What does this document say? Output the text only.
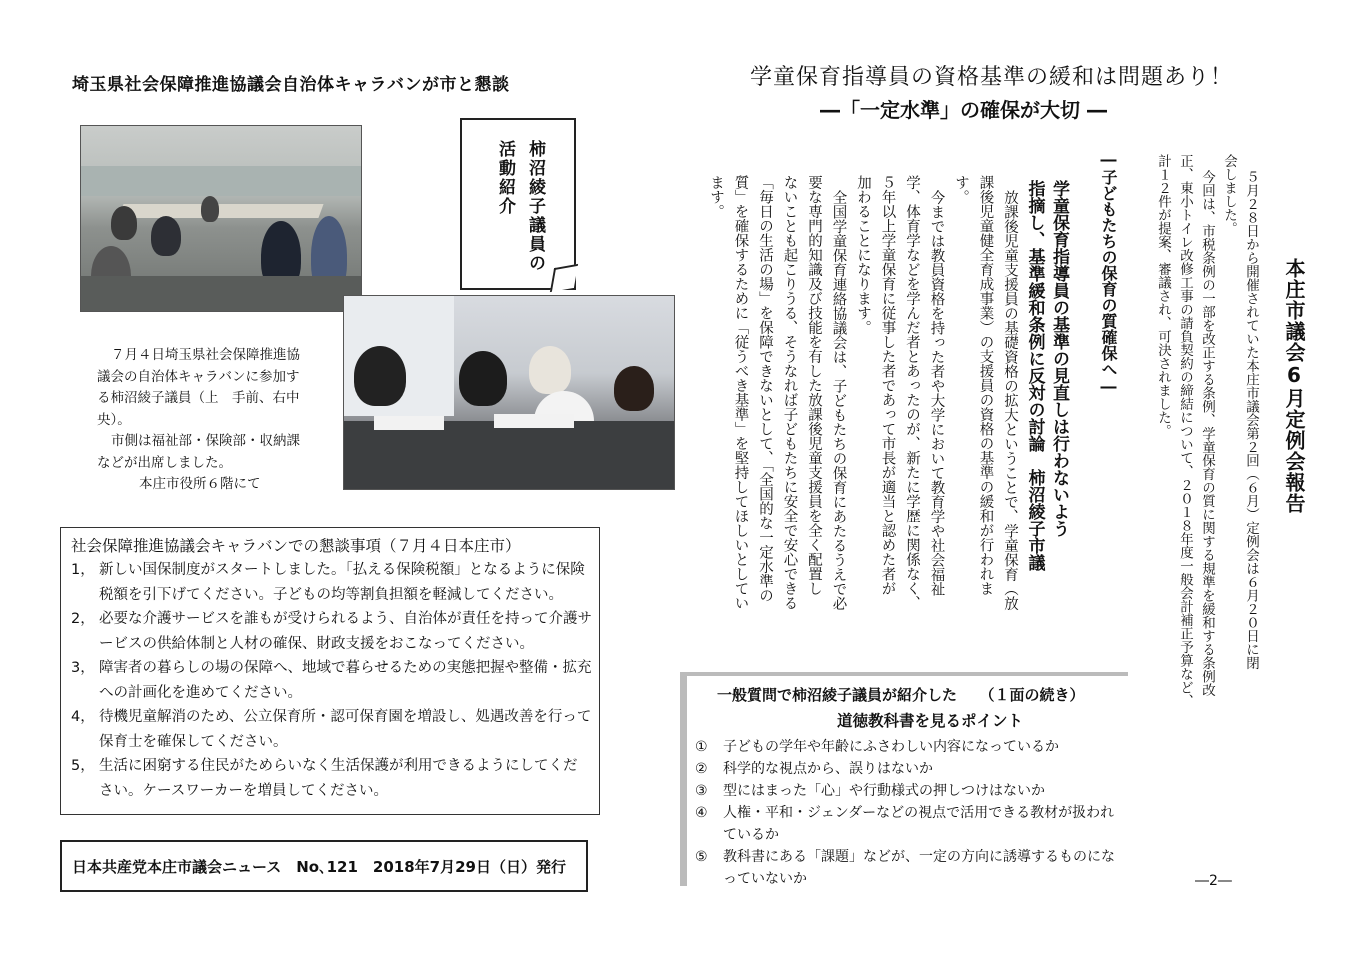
埼玉県社会保障推進協議会自治体キャラバンが市と懇談
柿沼綾子議員の
活動紹介
７月４日埼玉県社会保障推進協
議会の自治体キャラバンに参加す
る柿沼綾子議員（上　手前、右中
央）。
市側は福祉部・保険部・収納課
などが出席しました。
本庄市役所６階にて
社会保障推進協議会キャラバンでの懇談事項（７月４日本庄市）
1， 新しい国保制度がスタートしました。「払える保険税額」となるように保険
税額を引下げてください。子どもの均等割負担額を軽減してください。
2， 必要な介護サービスを誰もが受けられるよう、自治体が責任を持って介護サ
ービスの供給体制と人材の確保、財政支援をおこなってください。
3， 障害者の暮らしの場の保障へ、地域で暮らせるための実態把握や整備・拡充
への計画化を進めてください。
4， 待機児童解消のため、公立保育所・認可保育園を増設し、処遇改善を行って
保育士を確保してください。
5， 生活に困窮する住民がためらいなく生活保護が利用できるようにしてくだ
さい。ケースワーカーを増員してください。
日本共産党本庄市議会ニュース　No､121　2018年7月29日（日）発行
学童保育指導員の資格基準の緩和は問題あり！
―「一定水準」の確保が大切 ―
―子どもたちの保育の質確保へ―
学童保育指導員の基準の見直しは行わないよう
指摘し、基準緩和条例に反対の討論　柿沼綾子市議
放課後児童支援員の基礎資格の拡大ということで、学童保育（放
課後児童健全育成事業）の支援員の資格の基準の緩和が行われま
す。
今までは教員資格を持った者や大学において教育学や社会福祉
学、体育学などを学んだ者とあったのが、新たに学歴に関係なく、
５年以上学童保育に従事した者であって市長が適当と認めた者が
加わることになります。
全国学童保育連絡協議会は、子どもたちの保育にあたるうえで必
要な専門的知識及び技能を有した放課後児童支援員を全く配置し
ないことも起こりうる、そうなれば子どもたちに安全で安心できる
「毎日の生活の場」を保障できないとして、「全国的な一定水準の
質」を確保するために「従うべき基準」を堅持してほしいとしてい
ます。
本庄市議会6月定例会報告
５月２８日から開催されていた本庄市議会第２回（６月）定例会は６月２０日に閉
会しました。
今回は、市税条例の一部を改正する条例、学童保育の質に関する規準を緩和する条例改
正、東小トイレ改修工事の請負契約の締結について、２０１８年度一般会計補正予算など、
計１２件が提案、審議され、可決されました。
一般質問で柿沼綾子議員が紹介した　　（１面の続き）
道徳教科書を見るポイント
① 子どもの学年や年齢にふさわしい内容になっているか
② 科学的な視点から、誤りはないか
③ 型にはまった「心」や行動様式の押しつけはないか
④ 人権・平和・ジェンダーなどの視点で活用できる教材が扱われ
ているか
⑤ 教科書にある「課題」などが、一定の方向に誘導するものにな
っていないか	―2―
